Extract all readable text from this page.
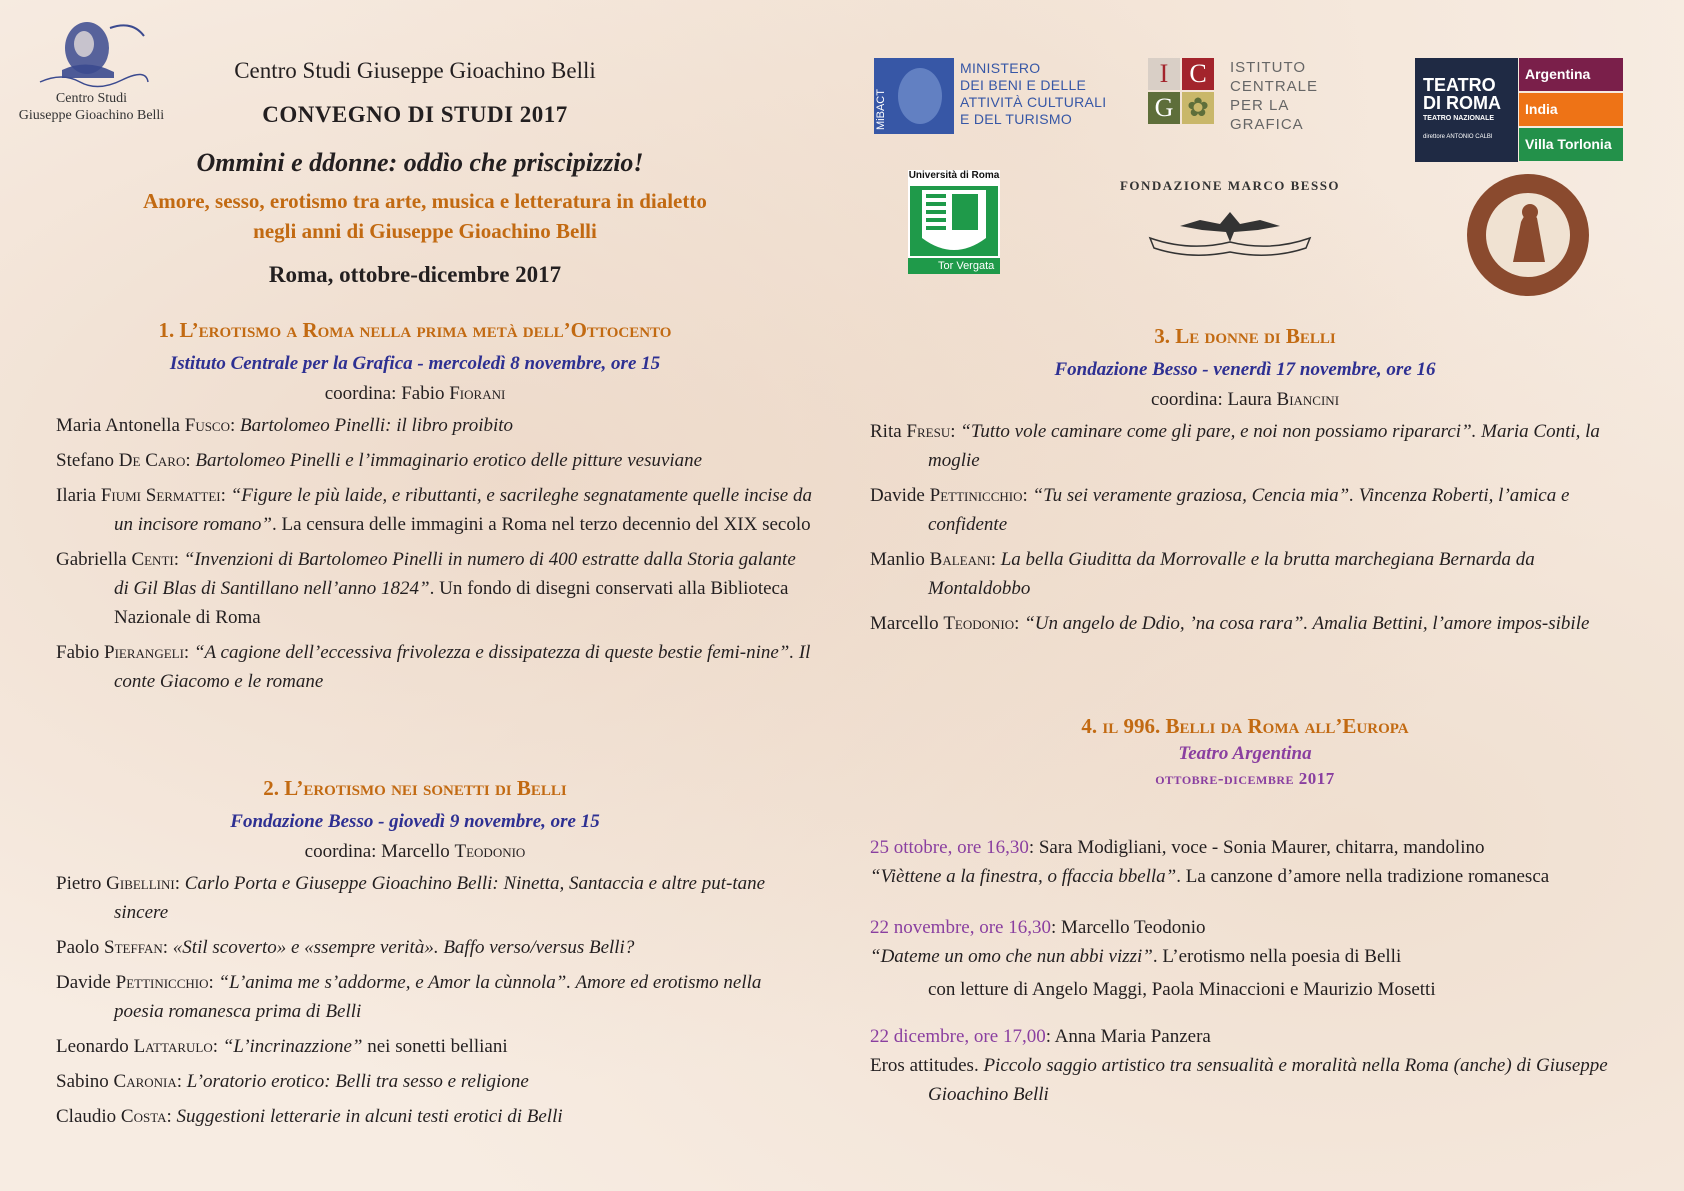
Centro Studi
Giuseppe Gioachino Belli
Centro Studi Giuseppe Gioachino Belli
CONVEGNO DI STUDI 2017
Ommini e ddonne: oddìo che priscipizzio!
Amore, sesso, erotismo tra arte, musica e letteratura in dialetto
negli anni di Giuseppe Gioachino Belli
Roma, ottobre-dicembre 2017
MiBACT
MINISTERO
DEI BENI E DELLE
ATTIVITÀ CULTURALI
E DEL TURISMO
I C
G ✿
ISTITUTO
CENTRALE
PER LA
GRAFICA
TEATRO
DI ROMA
TEATRO NAZIONALE
direttore ANTONIO CALBI
Argentina
India
Villa Torlonia
Università di Roma
Tor Vergata
FONDAZIONE MARCO BESSO
1. L’erotismo a Roma nella prima metà dell’Ottocento
Istituto Centrale per la Grafica - mercoledì 8 novembre, ore 15
coordina: Fabio Fiorani
Maria Antonella Fusco: Bartolomeo Pinelli: il libro proibito
Stefano De Caro: Bartolomeo Pinelli e l’immaginario erotico delle pitture vesuviane
Ilaria Fiumi Sermattei: “Figure le più laide, e ributtanti, e sacrileghe segnatamente quelle incise da un incisore romano”. La censura delle immagini a Roma nel terzo decennio del XIX secolo
Gabriella Centi: “Invenzioni di Bartolomeo Pinelli in numero di 400 estratte dalla Storia galante di Gil Blas di Santillano nell’anno 1824”. Un fondo di disegni conservati alla Biblioteca Nazionale di Roma
Fabio Pierangeli: “A cagione dell’eccessiva frivolezza e dissipatezza di queste bestie femi-nine”. Il conte Giacomo e le romane
2. L’erotismo nei sonetti di Belli
Fondazione Besso - giovedì 9 novembre, ore 15
coordina: Marcello Teodonio
Pietro Gibellini: Carlo Porta e Giuseppe Gioachino Belli: Ninetta, Santaccia e altre put-tane sincere
Paolo Steffan: «Stil scoverto» e «ssempre verità». Baffo verso/versus Belli?
Davide Pettinicchio: “L’anima me s’addorme, e Amor la cùnnola”. Amore ed erotismo nella poesia romanesca prima di Belli
Leonardo Lattarulo: “L’incrinazzione” nei sonetti belliani
Sabino Caronia: L’oratorio erotico: Belli tra sesso e religione
Claudio Costa: Suggestioni letterarie in alcuni testi erotici di Belli
3. Le donne di Belli
Fondazione Besso - venerdì 17 novembre, ore 16
coordina: Laura Biancini
Rita Fresu: “Tutto vole caminare come gli pare, e noi non possiamo ripararci”. Maria Conti, la moglie
Davide Pettinicchio: “Tu sei veramente graziosa, Cencia mia”. Vincenza Roberti, l’amica e confidente
Manlio Baleani: La bella Giuditta da Morrovalle e la brutta marchegiana Bernarda da Montaldobbo
Marcello Teodonio: “Un angelo de Ddio, ’na cosa rara”. Amalia Bettini, l’amore impos-sibile
4. il 996. Belli da Roma all’Europa
Teatro Argentina
ottobre-dicembre 2017
25 ottobre, ore 16,30: Sara Modigliani, voce - Sonia Maurer, chitarra, mandolino
“Vièttene a la finestra, o ffaccia bbella”. La canzone d’amore nella tradizione romanesca
22 novembre, ore 16,30: Marcello Teodonio
“Dateme un omo che nun abbi vizzi”. L’erotismo nella poesia di Belli
con letture di Angelo Maggi, Paola Minaccioni e Maurizio Mosetti
22 dicembre, ore 17,00: Anna Maria Panzera
Eros attitudes. Piccolo saggio artistico tra sensualità e moralità nella Roma (anche) di Giuseppe Gioachino Belli
